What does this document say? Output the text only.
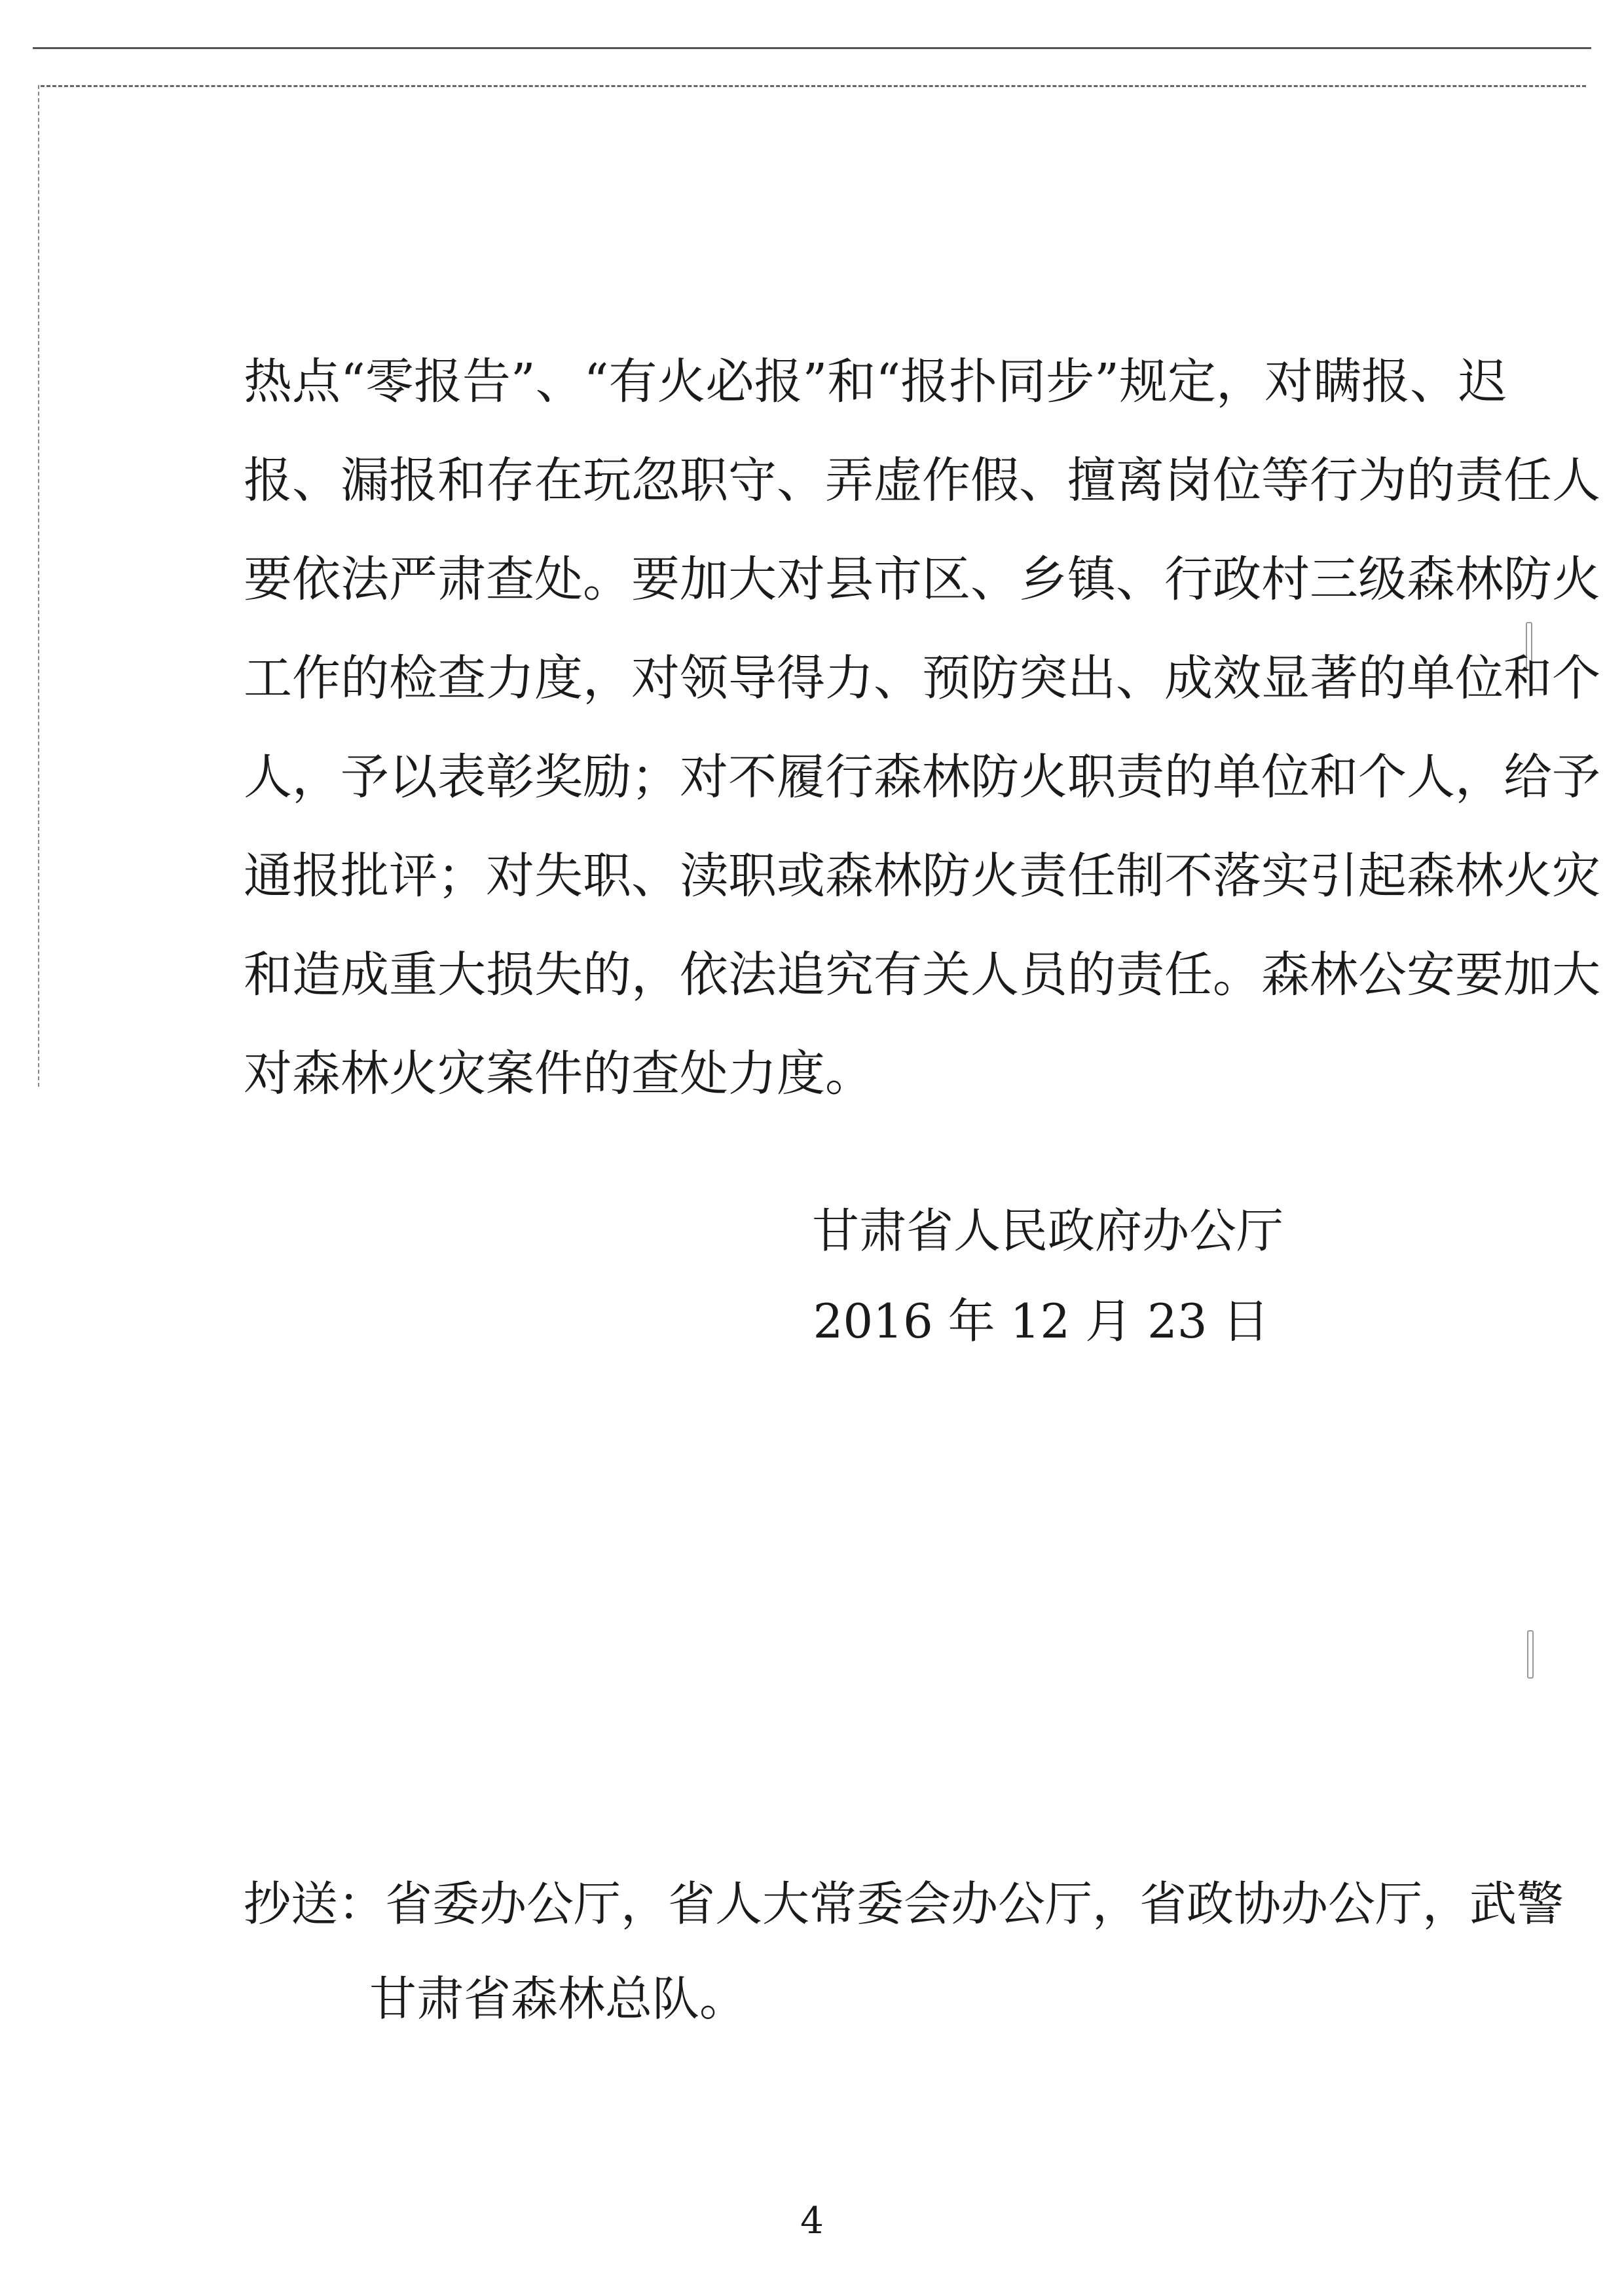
热点“零报告”、“有火必报”和“报扑同步”规定，对瞒报、迟
报、漏报和存在玩忽职守、弄虚作假、擅离岗位等行为的责任人
要依法严肃查处。要加大对县市区、乡镇、行政村三级森林防火
工作的检查力度，对领导得力、预防突出、成效显著的单位和个
人，予以表彰奖励；对不履行森林防火职责的单位和个人，给予
通报批评；对失职、渎职或森林防火责任制不落实引起森林火灾
和造成重大损失的，依法追究有关人员的责任。森林公安要加大
对森林火灾案件的查处力度。
甘肃省人民政府办公厅
2016 年 12 月 23 日
抄送：省委办公厅，省人大常委会办公厅，省政协办公厅，武警
甘肃省森林总队。
4
